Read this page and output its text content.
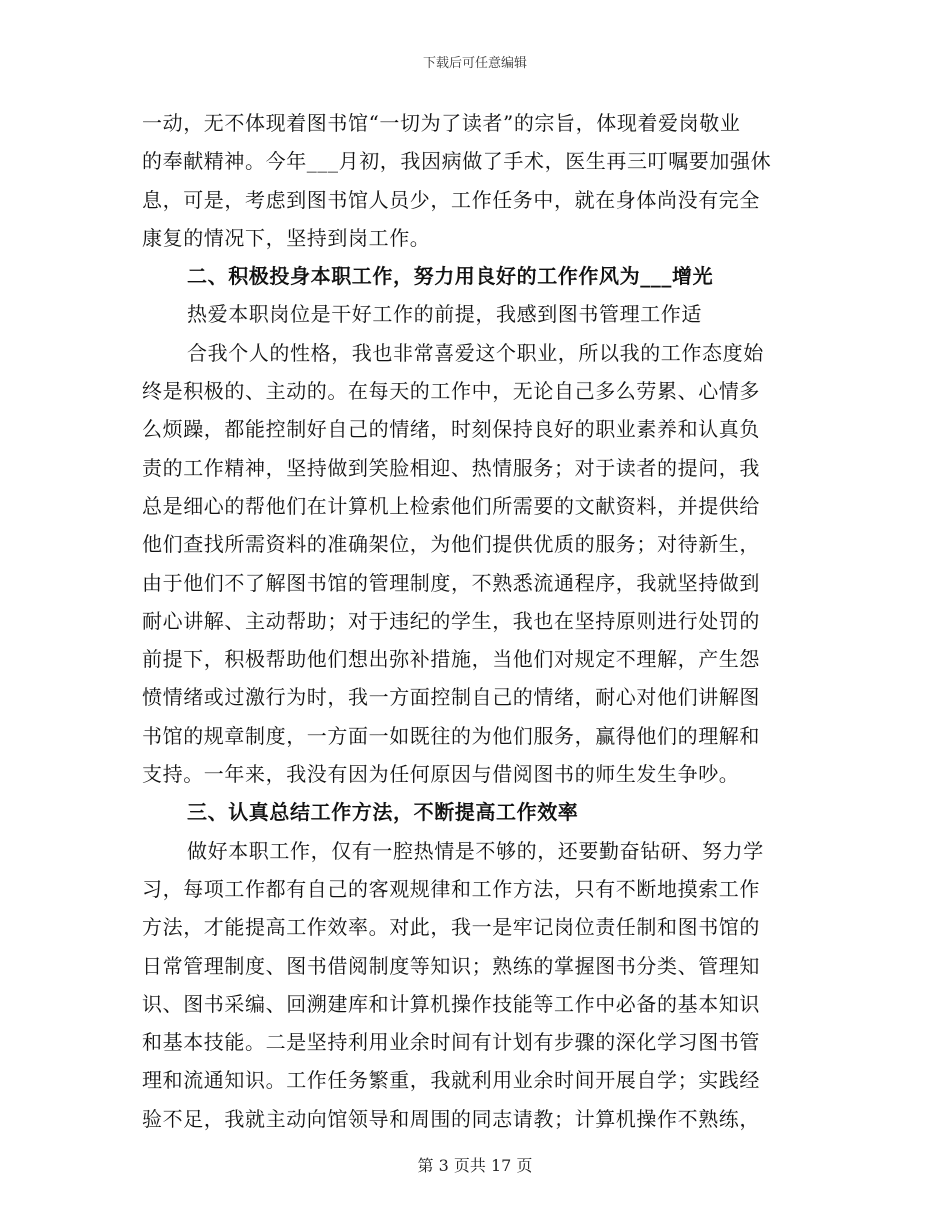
下载后可任意编辑
一动，无不体现着图书馆“一切为了读者”的宗旨，体现着爱岗敬业
的奉献精神。今年___月初，我因病做了手术，医生再三叮嘱要加强休
息，可是，考虑到图书馆人员少，工作任务中，就在身体尚没有完全
康复的情况下，坚持到岗工作。
二、积极投身本职工作，努力用良好的工作作风为___增光
热爱本职岗位是干好工作的前提，我感到图书管理工作适
合我个人的性格，我也非常喜爱这个职业，所以我的工作态度始
终是积极的、主动的。在每天的工作中，无论自己多么劳累、心情多
么烦躁，都能控制好自己的情绪，时刻保持良好的职业素养和认真负
责的工作精神，坚持做到笑脸相迎、热情服务；对于读者的提问，我
总是细心的帮他们在计算机上检索他们所需要的文献资料，并提供给
他们查找所需资料的准确架位，为他们提供优质的服务；对待新生，
由于他们不了解图书馆的管理制度，不熟悉流通程序，我就坚持做到
耐心讲解、主动帮助；对于违纪的学生，我也在坚持原则进行处罚的
前提下，积极帮助他们想出弥补措施，当他们对规定不理解，产生怨
愤情绪或过激行为时，我一方面控制自己的情绪，耐心对他们讲解图
书馆的规章制度，一方面一如既往的为他们服务，赢得他们的理解和
支持。一年来，我没有因为任何原因与借阅图书的师生发生争吵。
三、认真总结工作方法，不断提高工作效率
做好本职工作，仅有一腔热情是不够的，还要勤奋钻研、努力学
习，每项工作都有自己的客观规律和工作方法，只有不断地摸索工作
方法，才能提高工作效率。对此，我一是牢记岗位责任制和图书馆的
日常管理制度、图书借阅制度等知识；熟练的掌握图书分类、管理知
识、图书采编、回溯建库和计算机操作技能等工作中必备的基本知识
和基本技能。二是坚持利用业余时间有计划有步骤的深化学习图书管
理和流通知识。工作任务繁重，我就利用业余时间开展自学；实践经
验不足，我就主动向馆领导和周围的同志请教；计算机操作不熟练，
第 3 页共 17 页
